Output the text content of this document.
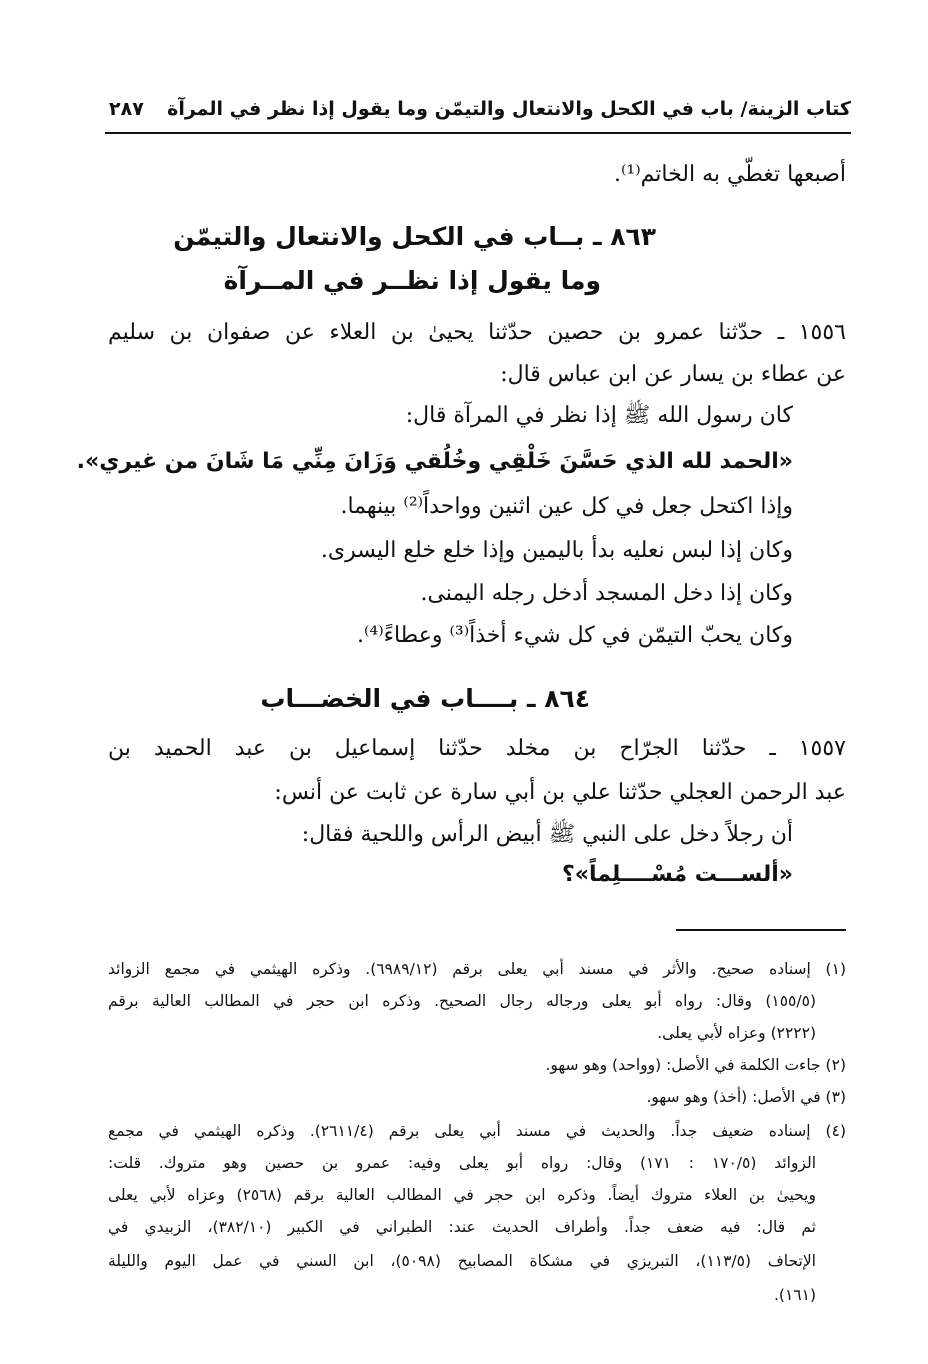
كتاب الزينة/ باب في الكحل والانتعال والتيمّن وما يقول إذا نظر في المرآة
٢٨٧
أصبعها تغطّي به الخاتم⁽¹⁾.
٨٦٣ ـ بــاب في الكحل والانتعال والتيمّن
وما يقول إذا نظــر في المــرآة
١٥٥٦ ـ حدّثنا عمرو بن حصين حدّثنا يحيىٰ بن العلاء عن صفوان بن سليم
عن عطاء بن يسار عن ابن عباس قال:
كان رسول الله ﷺ إذا نظر في المرآة قال:
«الحمد لله الذي حَسَّنَ خَلْقِي وخُلُقي وَزَانَ مِنِّي مَا شَانَ من غيري».
وإذا اكتحل جعل في كل عين اثنين وواحداً⁽²⁾ بينهما.
وكان إذا لبس نعليه بدأ باليمين وإذا خلع خلع اليسرى.
وكان إذا دخل المسجد أدخل رجله اليمنى.
وكان يحبّ التيمّن في كل شيء أخذاً⁽³⁾ وعطاءً⁽⁴⁾.
٨٦٤ ـ بــــاب في الخضـــاب
١٥٥٧ ـ حدّثنا الجرّاح بن مخلد حدّثنا إسماعيل بن عبد الحميد بن
عبد الرحمن العجلي حدّثنا علي بن أبي سارة عن ثابت عن أنس:
أن رجلاً دخل على النبي ﷺ أبيض الرأس واللحية فقال:
«ألســـت مُسْــــلِماً»؟
(١) إسناده صحيح. والأثر في مسند أبي يعلى برقم (٦٩٨٩/١٢). وذكره الهيثمي في مجمع الزوائد
(١٥٥/٥) وقال: رواه أبو يعلى ورجاله رجال الصحيح. وذكره ابن حجر في المطالب العالية برقم
(٢٢٢٢) وعزاه لأبي يعلى.
(٢) جاءت الكلمة في الأصل: (وواحد) وهو سهو.
(٣) في الأصل: (أخذ) وهو سهو.
(٤) إسناده ضعيف جداً. والحديث في مسند أبي يعلى برقم (٢٦١١/٤). وذكره الهيثمي في مجمع
الزوائد (١٧٠/٥ : ١٧١) وقال: رواه أبو يعلى وفيه: عمرو بن حصين وهو متروك. قلت:
ويحيىٰ بن العلاء متروك أيضاً. وذكره ابن حجر في المطالب العالية برقم (٢٥٦٨) وعزاه لأبي يعلى
ثم قال: فيه ضعف جداً. وأطراف الحديث عند: الطبراني في الكبير (٣٨٢/١٠)، الزبيدي في
الإتحاف (١١٣/٥)، التبريزي في مشكاة المصابيح (٥٠٩٨)، ابن السني في عمل اليوم والليلة
(١٦١).
